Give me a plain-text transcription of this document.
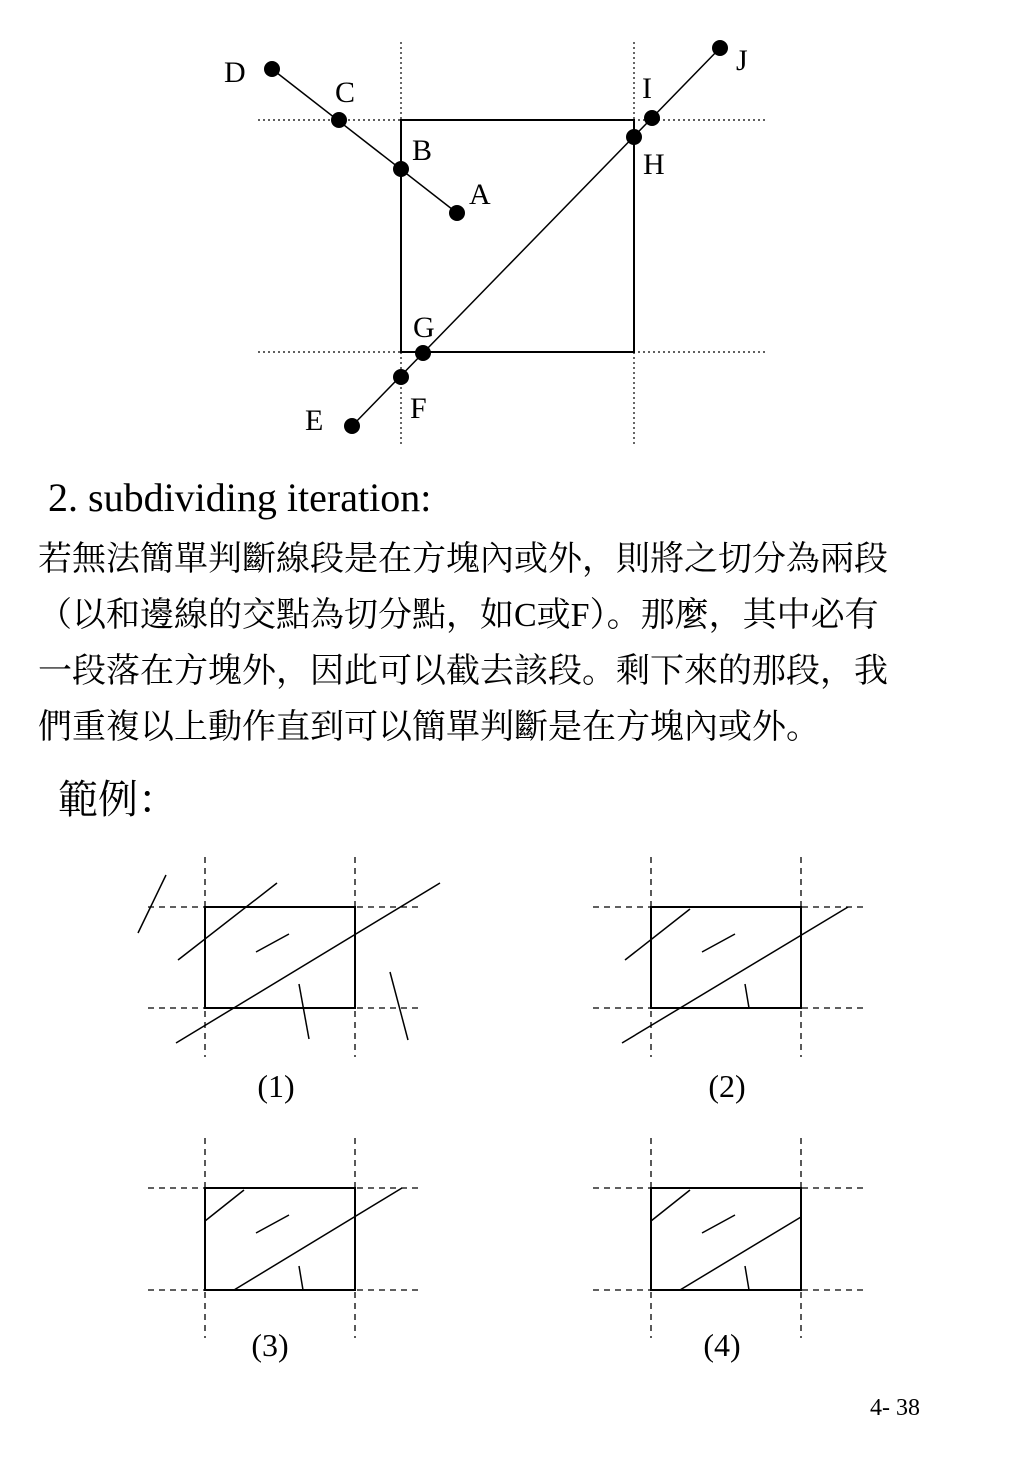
D
C
B
A
J
I
H
G
F
E
2. subdividing iteration:
若無法簡單判斷線段是在方塊內或外，則將之切分為兩段
（以和邊線的交點為切分點，如C或F）。那麼，其中必有
一段落在方塊外，因此可以截去該段。剩下來的那段，我
們重複以上動作直到可以簡單判斷是在方塊內或外。
範例：
(1)	(2)
(3)	(4)
4- 38
